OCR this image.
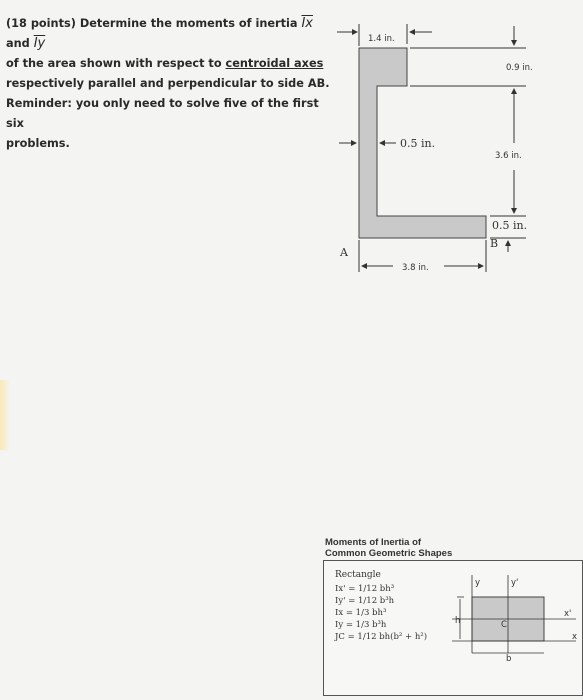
(18 points) Determine the moments of inertia $\overline{Ix}$ and $\overline{Iy}$
of the area shown with respect to centroidal axes
respectively parallel and perpendicular to side AB.
Reminder: you only need to solve five of the first six
problems.
1.4 in.
0.9 in.
3.6 in.
0.5 in.
0.5 in.
3.8 in.
A
B
Moments of Inertia of
Common Geometric Shapes
Rectangle
Ix' = 1/12 bh³
Iy' = 1/12 b³h
Ix = 1/3 bh³
Iy = 1/3 b³h
JC = 1/12 bh(b² + h²)
y	y'
h	C
x'
x
b
